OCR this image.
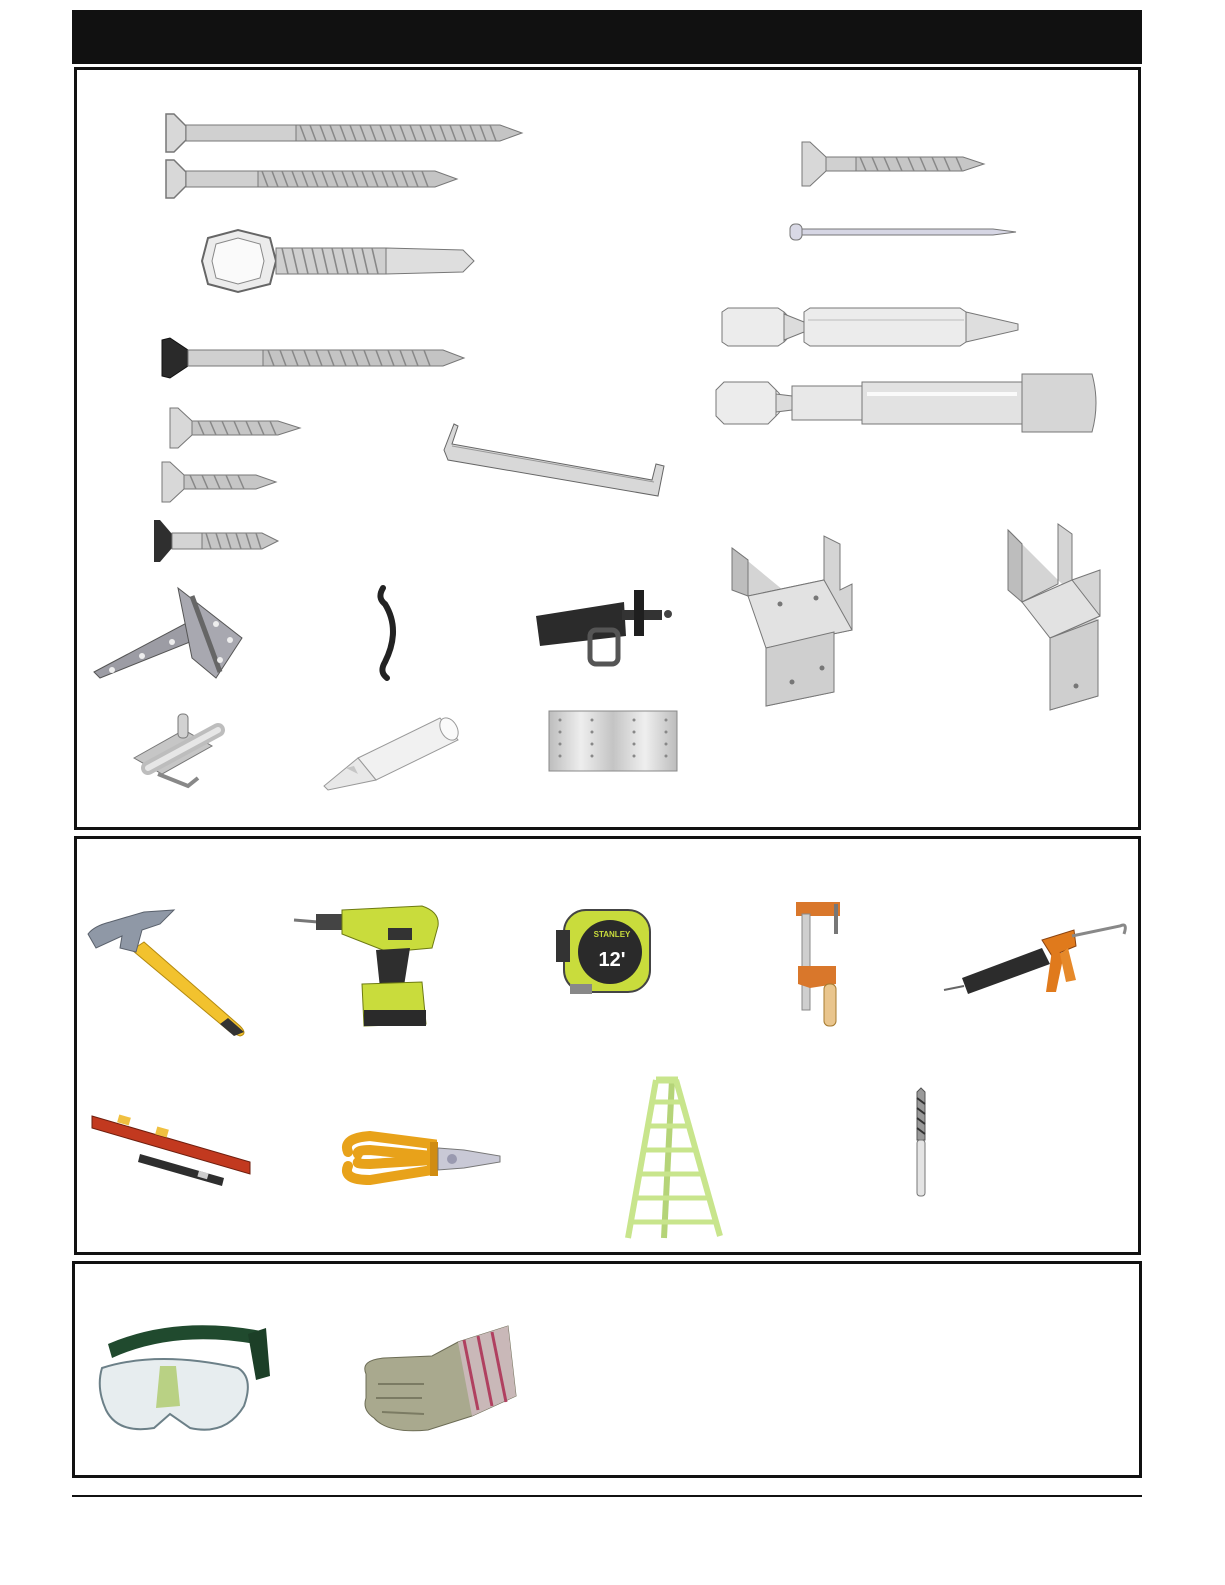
STANLEY
12'
